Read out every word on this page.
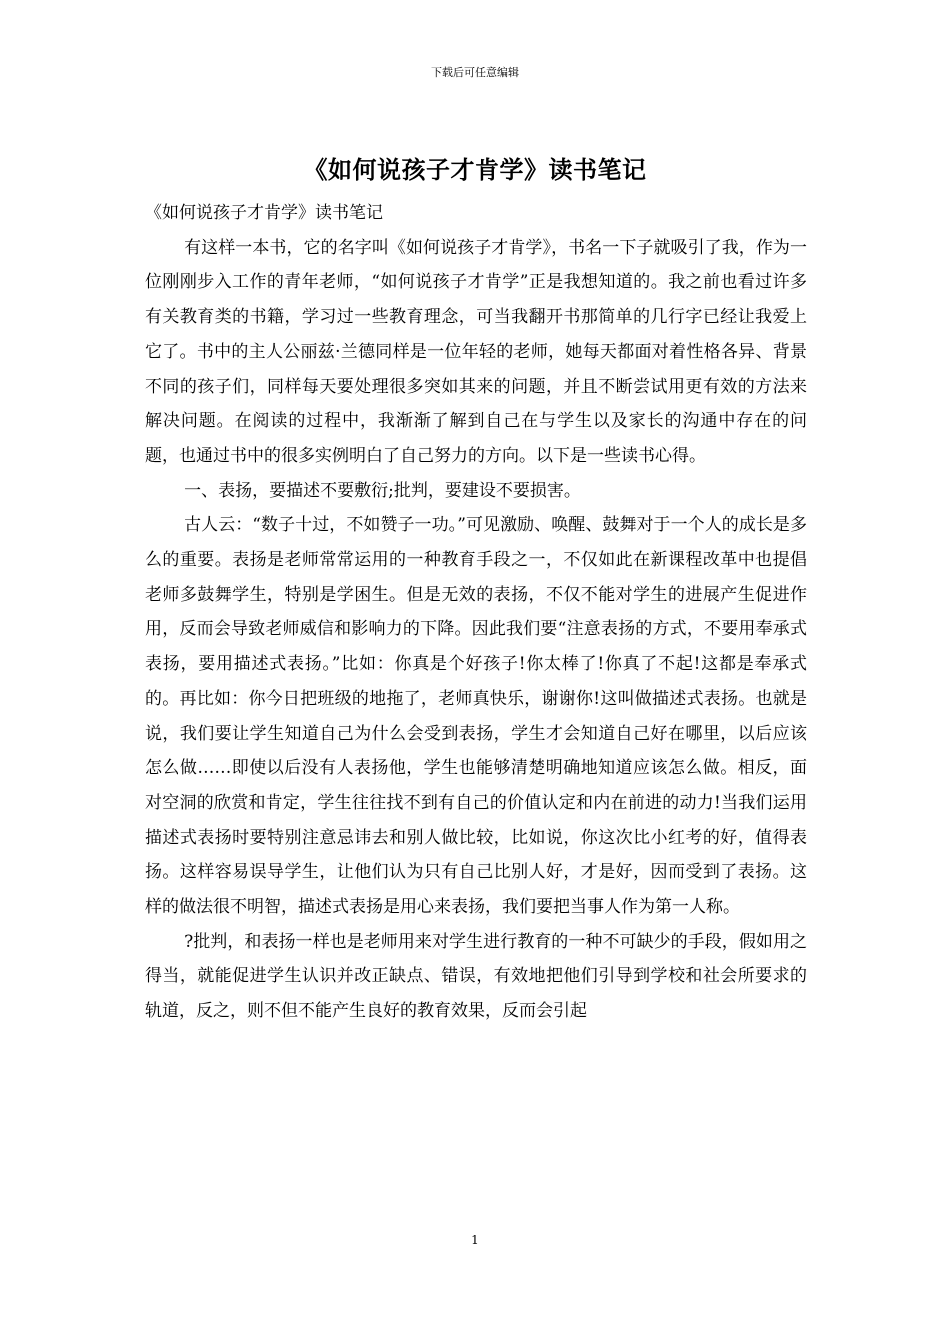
下载后可任意编辑
《如何说孩子才肯学》读书笔记

《如何说孩子才肯学》读书笔记

有这样一本书，它的名字叫《如何说孩子才肯学》，书名一下子就吸引了我，作为一位刚刚步入工作的青年老师，“如何说孩子才肯学”正是我想知道的。我之前也看过许多有关教育类的书籍，学习过一些教育理念，可当我翻开书那简单的几行字已经让我爱上它了。书中的主人公丽兹·兰德同样是一位年轻的老师，她每天都面对着性格各异、背景不同的孩子们，同样每天要处理很多突如其来的问题，并且不断尝试用更有效的方法来解决问题。在阅读的过程中，我渐渐了解到自己在与学生以及家长的沟通中存在的问题，也通过书中的很多实例明白了自己努力的方向。以下是一些读书心得。

一、表扬，要描述不要敷衍;批判，要建设不要损害。

古人云：“数子十过，不如赞子一功。”可见激励、唤醒、鼓舞对于一个人的成长是多么的重要。表扬是老师常常运用的一种教育手段之一，不仅如此在新课程改革中也提倡老师多鼓舞学生，特别是学困生。但是无效的表扬，不仅不能对学生的进展产生促进作用，反而会导致老师威信和影响力的下降。因此我们要“注意表扬的方式，不要用奉承式表扬，要用描述式表扬。”比如：你真是个好孩子!你太棒了!你真了不起!这都是奉承式的。再比如：你今日把班级的地拖了，老师真快乐，谢谢你!这叫做描述式表扬。也就是说，我们要让学生知道自己为什么会受到表扬，学生才会知道自己好在哪里，以后应该怎么做……即使以后没有人表扬他，学生也能够清楚明确地知道应该怎么做。相反，面对空洞的欣赏和肯定，学生往往找不到有自己的价值认定和内在前进的动力!当我们运用描述式表扬时要特别注意忌讳去和别人做比较，比如说，你这次比小红考的好，值得表扬。这样容易误导学生，让他们认为只有自己比别人好，才是好，因而受到了表扬。这样的做法很不明智，描述式表扬是用心来表扬，我们要把当事人作为第一人称。

?批判，和表扬一样也是老师用来对学生进行教育的一种不可缺少的手段，假如用之得当，就能促进学生认识并改正缺点、错误，有效地把他们引导到学校和社会所要求的轨道，反之，则不但不能产生良好的教育效果，反而会引起

1
